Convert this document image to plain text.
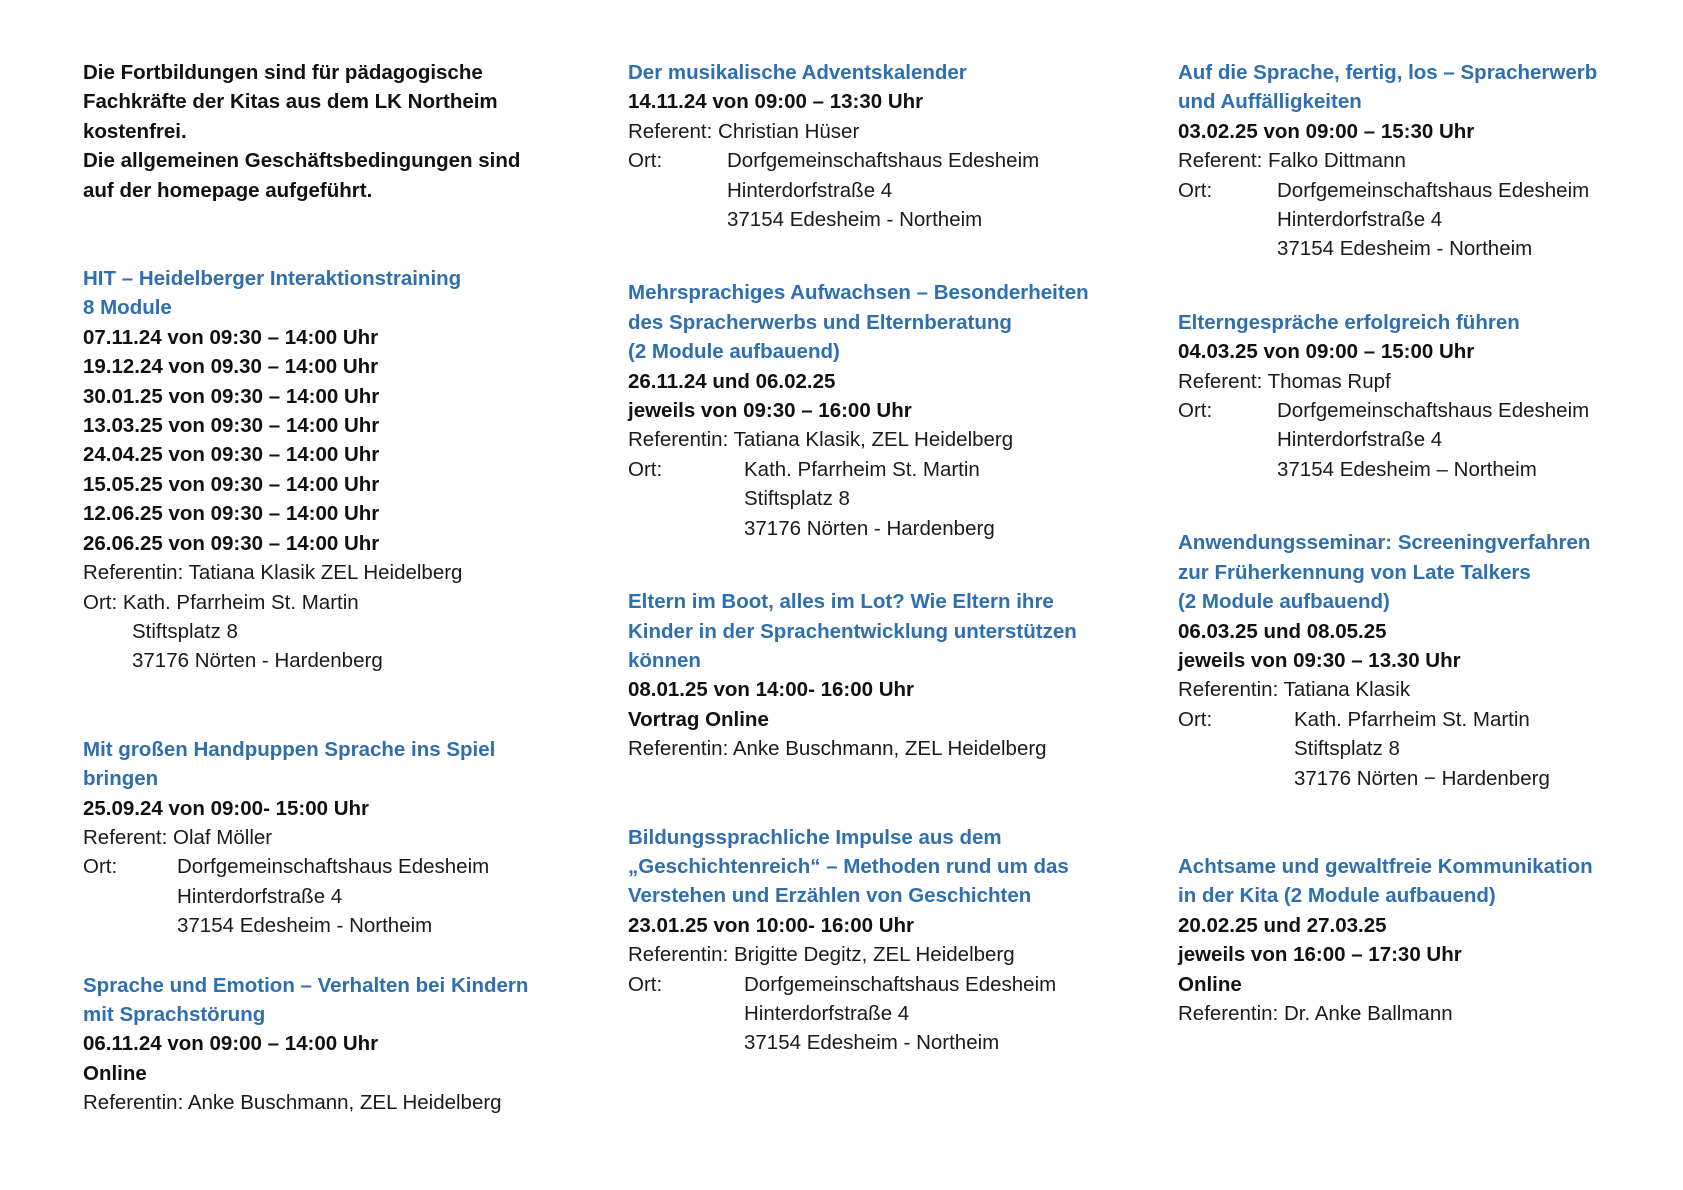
Die Fortbildungen sind für pädagogische
Fachkräfte der Kitas aus dem LK Northeim
kostenfrei.
Die allgemeinen Geschäftsbedingungen sind
auf der homepage aufgeführt.
HIT – Heidelberger Interaktionstraining
8 Module
07.11.24 von 09:30 – 14:00 Uhr
19.12.24 von 09.30 – 14:00 Uhr
30.01.25 von 09:30 – 14:00 Uhr
13.03.25 von 09:30 – 14:00 Uhr
24.04.25 von 09:30 – 14:00 Uhr
15.05.25 von 09:30 – 14:00 Uhr
12.06.25 von 09:30 – 14:00 Uhr
26.06.25 von 09:30 – 14:00 Uhr
Referentin: Tatiana Klasik ZEL Heidelberg
Ort: Kath. Pfarrheim St. Martin
Stiftsplatz 8
37176 Nörten - Hardenberg
Mit großen Handpuppen Sprache ins Spiel
bringen
25.09.24 von 09:00- 15:00 Uhr
Referent: Olaf Möller
Ort:	Dorfgemeinschaftshaus Edesheim
Hinterdorfstraße 4
37154 Edesheim - Northeim
Sprache und Emotion – Verhalten bei Kindern
mit Sprachstörung
06.11.24 von 09:00 – 14:00 Uhr
Online
Referentin: Anke Buschmann, ZEL Heidelberg
Der musikalische Adventskalender
14.11.24 von 09:00 – 13:30 Uhr
Referent: Christian Hüser
Ort:	Dorfgemeinschaftshaus Edesheim
Hinterdorfstraße 4
37154 Edesheim - Northeim
Mehrsprachiges Aufwachsen – Besonderheiten
des Spracherwerbs und Elternberatung
(2 Module aufbauend)
26.11.24 und 06.02.25
jeweils von 09:30 – 16:00 Uhr
Referentin: Tatiana Klasik, ZEL Heidelberg
Ort:	Kath. Pfarrheim St. Martin
Stiftsplatz 8
37176 Nörten - Hardenberg
Eltern im Boot, alles im Lot? Wie Eltern ihre
Kinder in der Sprachentwicklung unterstützen
können
08.01.25 von 14:00- 16:00 Uhr
Vortrag Online
Referentin: Anke Buschmann, ZEL Heidelberg
Bildungssprachliche Impulse aus dem
„Geschichtenreich“ – Methoden rund um das
Verstehen und Erzählen von Geschichten
23.01.25 von 10:00- 16:00 Uhr
Referentin: Brigitte Degitz, ZEL Heidelberg
Ort:	Dorfgemeinschaftshaus Edesheim
Hinterdorfstraße 4
37154 Edesheim - Northeim
Auf die Sprache, fertig, los – Spracherwerb
und Auffälligkeiten
03.02.25 von 09:00 – 15:30 Uhr
Referent: Falko Dittmann
Ort:	Dorfgemeinschaftshaus Edesheim
Hinterdorfstraße 4
37154 Edesheim - Northeim
Elterngespräche erfolgreich führen
04.03.25 von 09:00 – 15:00 Uhr
Referent: Thomas Rupf
Ort:	Dorfgemeinschaftshaus Edesheim
Hinterdorfstraße 4
37154 Edesheim – Northeim
Anwendungsseminar: Screeningverfahren
zur Früherkennung von Late Talkers
(2 Module aufbauend)
06.03.25 und 08.05.25
jeweils von 09:30 – 13.30 Uhr
Referentin: Tatiana Klasik
Ort:	Kath. Pfarrheim St. Martin
Stiftsplatz 8
37176 Nörten − Hardenberg
Achtsame und gewaltfreie Kommunikation
in der Kita (2 Module aufbauend)
20.02.25 und 27.03.25
jeweils von 16:00 – 17:30 Uhr
Online
Referentin: Dr. Anke Ballmann
